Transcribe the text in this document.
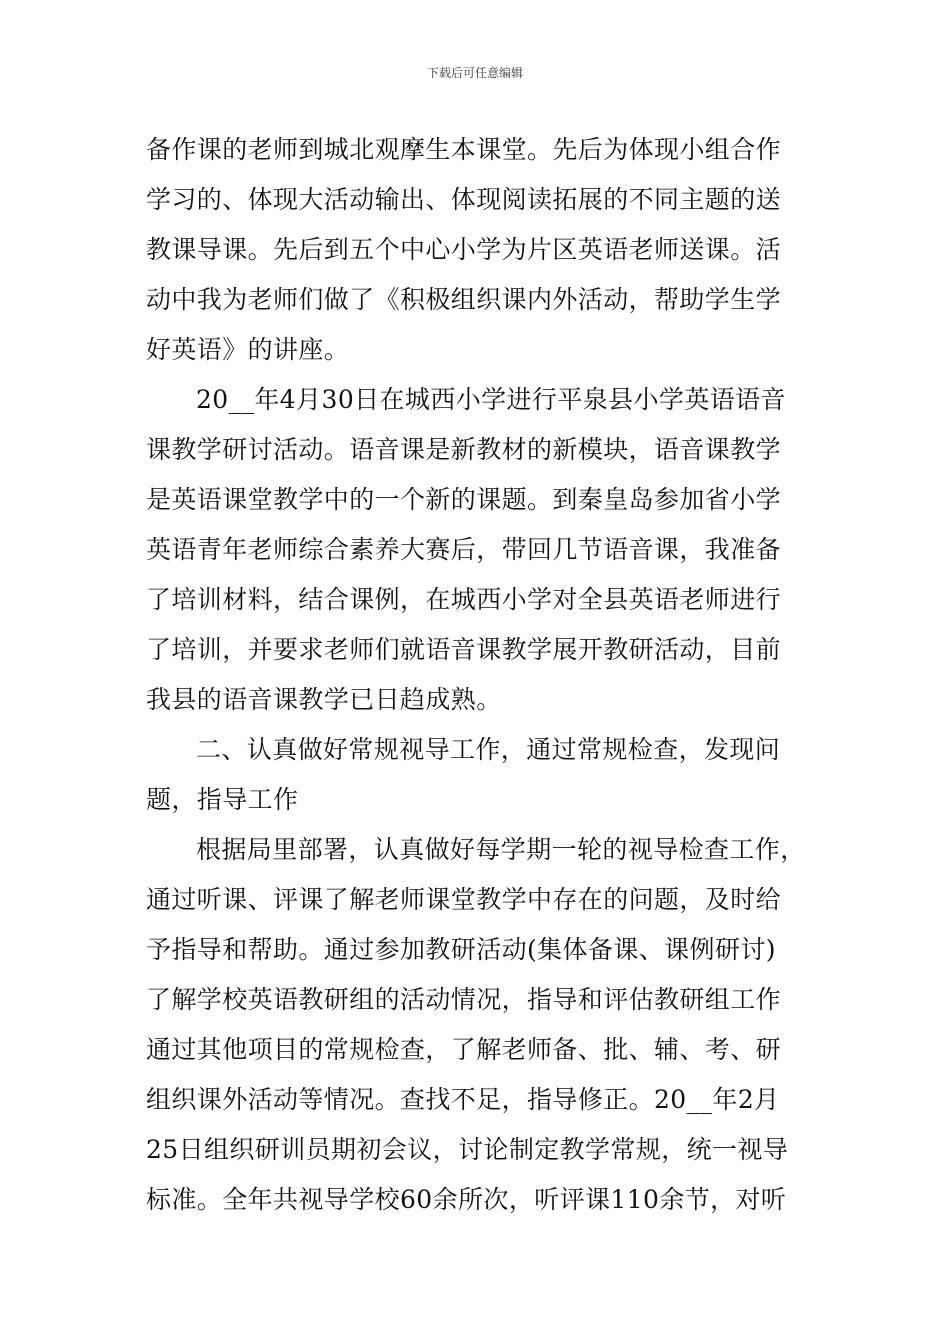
下载后可任意编辑
备作课的老师到城北观摩生本课堂。先后为体现小组合作
学习的、体现大活动输出、体现阅读拓展的不同主题的送
教课导课。先后到五个中心小学为片区英语老师送课。活
动中我为老师们做了《积极组织课内外活动，帮助学生学
好英语》的讲座。
20__年4月30日在城西小学进行平泉县小学英语语音
课教学研讨活动。语音课是新教材的新模块，语音课教学
是英语课堂教学中的一个新的课题。到秦皇岛参加省小学
英语青年老师综合素养大赛后，带回几节语音课，我准备
了培训材料，结合课例，在城西小学对全县英语老师进行
了培训，并要求老师们就语音课教学展开教研活动，目前
我县的语音课教学已日趋成熟。
二、认真做好常规视导工作，通过常规检查，发现问
题，指导工作
根据局里部署，认真做好每学期一轮的视导检查工作，
通过听课、评课了解老师课堂教学中存在的问题，及时给
予指导和帮助。通过参加教研活动(集体备课、课例研讨)
了解学校英语教研组的活动情况，指导和评估教研组工作
通过其他项目的常规检查，了解老师备、批、辅、考、研
组织课外活动等情况。查找不足，指导修正。20__年2月
25日组织研训员期初会议，讨论制定教学常规，统一视导
标准。全年共视导学校60余所次，听评课110余节，对听
